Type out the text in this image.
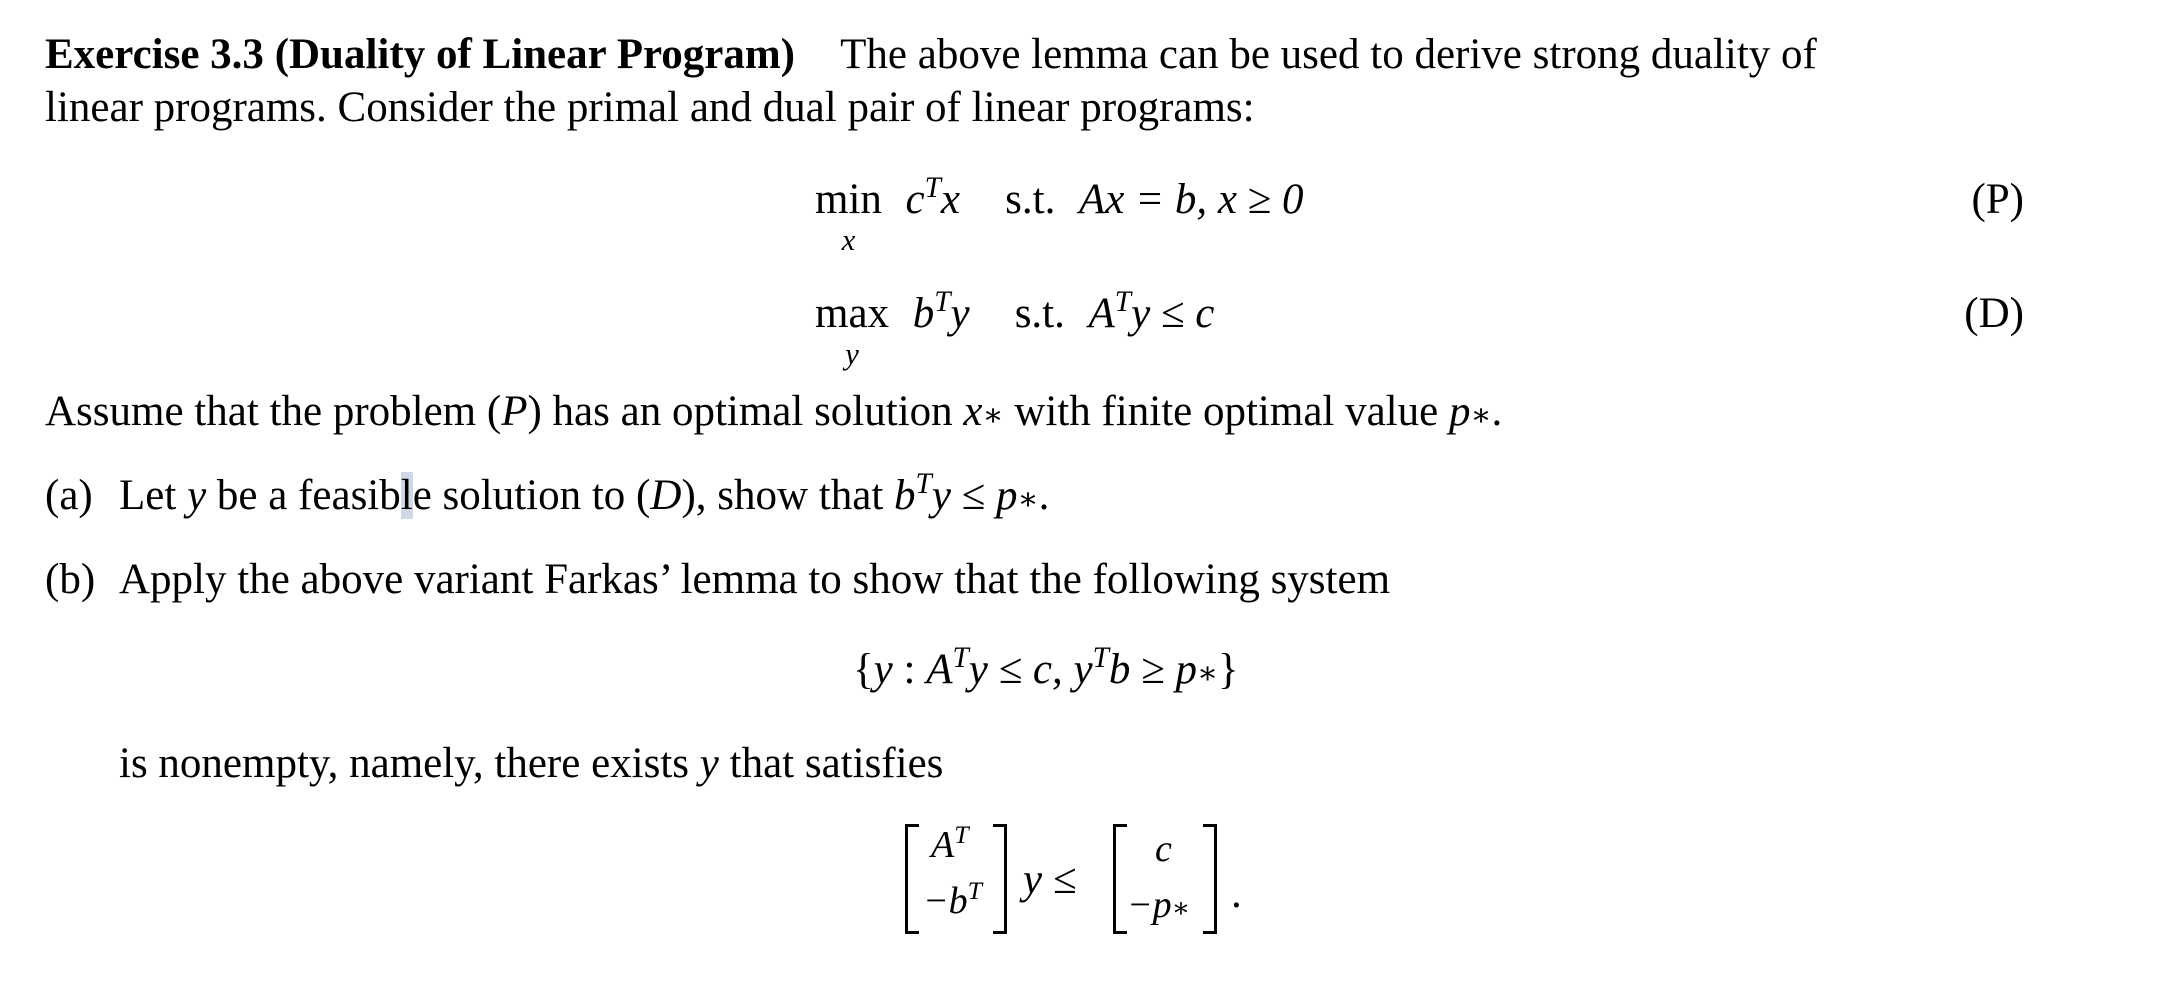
Exercise 3.3 (Duality of Linear Program) The above lemma can be used to derive strong duality of
linear programs. Consider the primal and dual pair of linear programs:
min
x
$c^Tx$ s.t. Ax = b, x ≥ 0	(P)
max
y
$b^Ty$ s.t. $A^Ty \le c$	(D)
Assume that the problem (P) has an optimal solution x∗ with finite optimal value p∗.
(a) Let y be a feasible solution to (D), show that $b^Ty$ ≤ p∗.
(b) Apply the above variant Farkas’ lemma to show that the following system
{y : $A^Ty \le c$, $y^Tb$ ≥ p∗}
is nonempty, namely, there exists y that satisfies
$A^T$
$-b^T$ y ≤
c
−p∗ .
